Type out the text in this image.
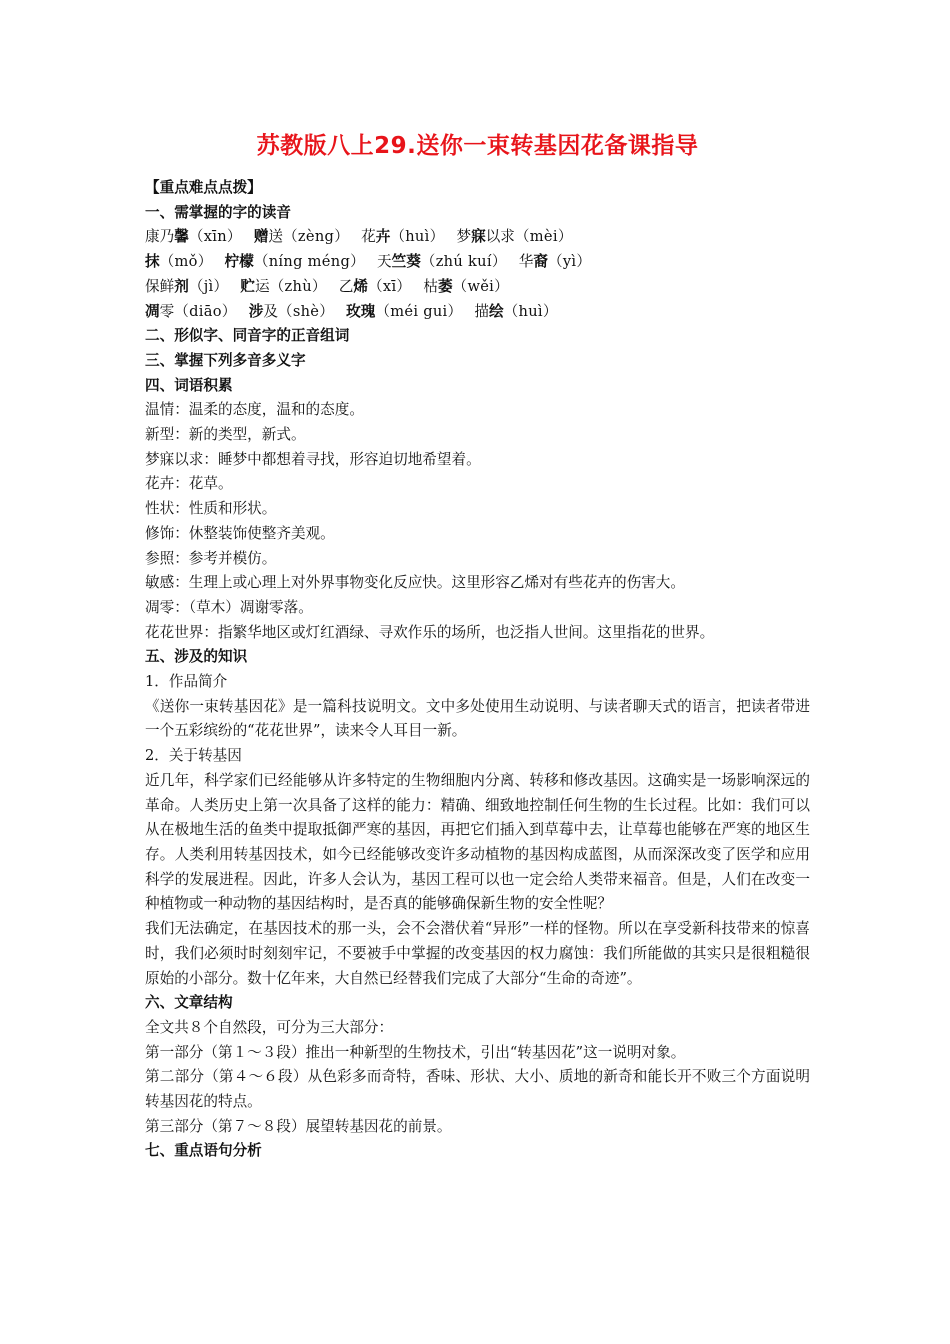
苏教版八上29.送你一束转基因花备课指导
【重点难点点拨】
一、需掌握的字的读音
康乃馨（xīn） 赠送（zèng） 花卉（huì） 梦寐以求（mèi）
抹（mǒ） 柠檬（níng méng） 天竺葵（zhú kuí） 华裔（yì）
保鲜剂（jì） 贮运（zhù） 乙烯（xī） 枯萎（wěi）
凋零（diāo） 涉及（shè） 玫瑰（méi gui） 描绘（huì）
二、形似字、同音字的正音组词
三、掌握下列多音多义字
四、词语积累
温情：温柔的态度，温和的态度。
新型：新的类型，新式。
梦寐以求：睡梦中都想着寻找，形容迫切地希望着。
花卉：花草。
性状：性质和形状。
修饰：休整装饰使整齐美观。
参照：参考并模仿。
敏感：生理上或心理上对外界事物变化反应快。这里形容乙烯对有些花卉的伤害大。
凋零：（草木）凋谢零落。
花花世界：指繁华地区或灯红酒绿、寻欢作乐的场所，也泛指人世间。这里指花的世界。
五、涉及的知识
1．作品简介
《送你一束转基因花》是一篇科技说明文。文中多处使用生动说明、与读者聊天式的语言，把读者带进一个五彩缤纷的“花花世界”，读来令人耳目一新。
2．关于转基因
近几年，科学家们已经能够从许多特定的生物细胞内分离、转移和修改基因。这确实是一场影响深远的革命。人类历史上第一次具备了这样的能力：精确、细致地控制任何生物的生长过程。比如：我们可以从在极地生活的鱼类中提取抵御严寒的基因，再把它们插入到草莓中去，让草莓也能够在严寒的地区生存。人类利用转基因技术，如今已经能够改变许多动植物的基因构成蓝图，从而深深改变了医学和应用科学的发展进程。因此，许多人会认为，基因工程可以也一定会给人类带来福音。但是，人们在改变一种植物或一种动物的基因结构时，是否真的能够确保新生物的安全性呢？
我们无法确定，在基因技术的那一头，会不会潜伏着“异形”一样的怪物。所以在享受新科技带来的惊喜时，我们必须时时刻刻牢记，不要被手中掌握的改变基因的权力腐蚀：我们所能做的其实只是很粗糙很原始的小部分。数十亿年来，大自然已经替我们完成了大部分“生命的奇迹”。
六、文章结构
全文共８个自然段，可分为三大部分：
第一部分（第１～３段）推出一种新型的生物技术，引出“转基因花”这一说明对象。
第二部分（第４～６段）从色彩多而奇特，香味、形状、大小、质地的新奇和能长开不败三个方面说明转基因花的特点。
第三部分（第７～８段）展望转基因花的前景。
七、重点语句分析
